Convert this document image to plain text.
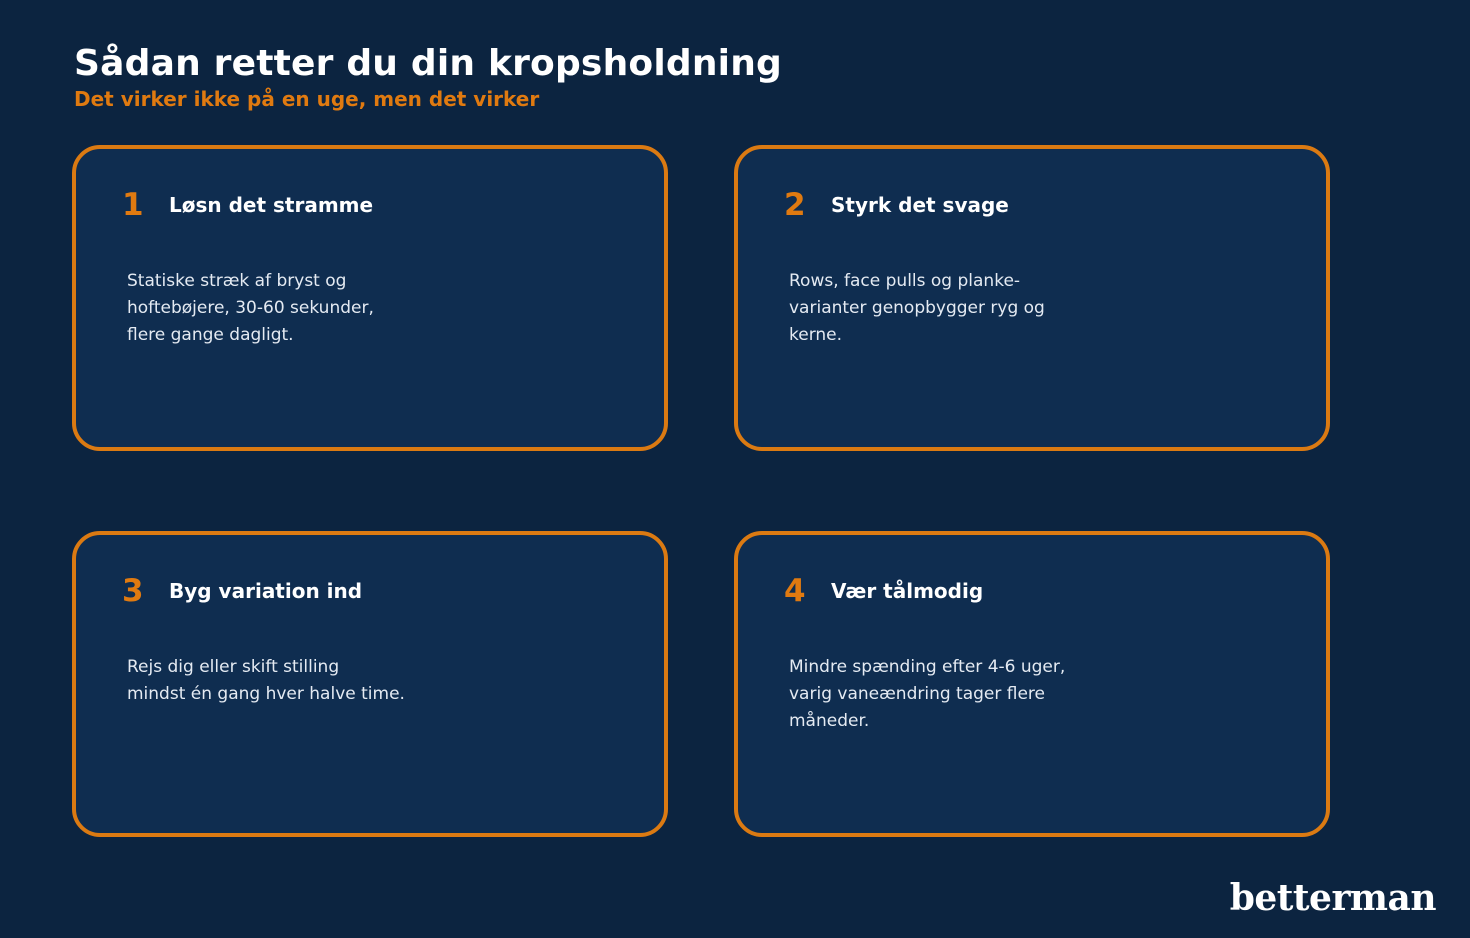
Sådan retter du din kropsholdning

Det virker ikke på en uge, men det virker

1 Løsn det stramme
Statiske stræk af bryst og
hoftebøjere, 30-60 sekunder,
flere gange dagligt.
2 Styrk det svage
Rows, face pulls og planke-
varianter genopbygger ryg og
kerne.
3 Byg variation ind
Rejs dig eller skift stilling
mindst én gang hver halve time.
4 Vær tålmodig
Mindre spænding efter 4-6 uger,
varig vaneændring tager flere
måneder.
betterman
